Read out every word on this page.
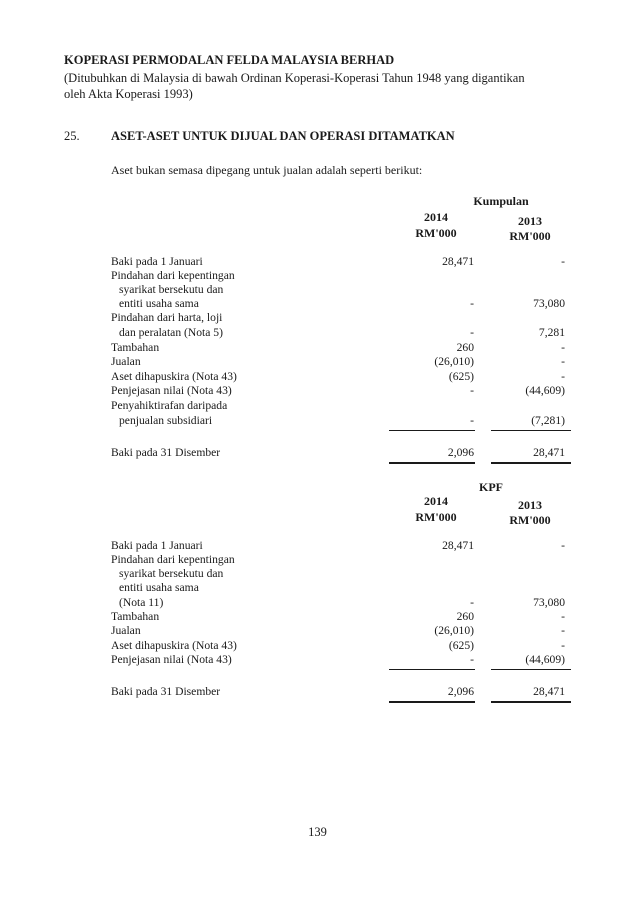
KOPERASI PERMODALAN FELDA MALAYSIA BERHAD
(Ditubuhkan di Malaysia di bawah Ordinan Koperasi-Koperasi Tahun 1948 yang digantikan
oleh Akta Koperasi 1993)
25.	ASET-ASET UNTUK DIJUAL DAN OPERASI DITAMATKAN
Aset bukan semasa dipegang untuk jualan adalah seperti berikut:
Kumpulan
2014	2013
RM'000	RM'000
Baki pada 1 Januari	28,471	-
Pindahan dari kepentingan
syarikat bersekutu dan
entiti usaha sama	-	73,080
Pindahan dari harta, loji
dan peralatan (Nota 5)	-	7,281
Tambahan	260	-
Jualan	(26,010)	-
Aset dihapuskira (Nota 43)	(625)	-
Penjejasan nilai (Nota 43)	-	(44,609)
Penyahiktirafan daripada
penjualan subsidiari	-	(7,281)
Baki pada 31 Disember	2,096	28,471
KPF
2014	2013
RM'000	RM'000
Baki pada 1 Januari	28,471	-
Pindahan dari kepentingan
syarikat bersekutu dan
entiti usaha sama
(Nota 11)	-	73,080
Tambahan	260	-
Jualan	(26,010)	-
Aset dihapuskira (Nota 43)	(625)	-
Penjejasan nilai (Nota 43)	-	(44,609)
Baki pada 31 Disember	2,096	28,471
139
